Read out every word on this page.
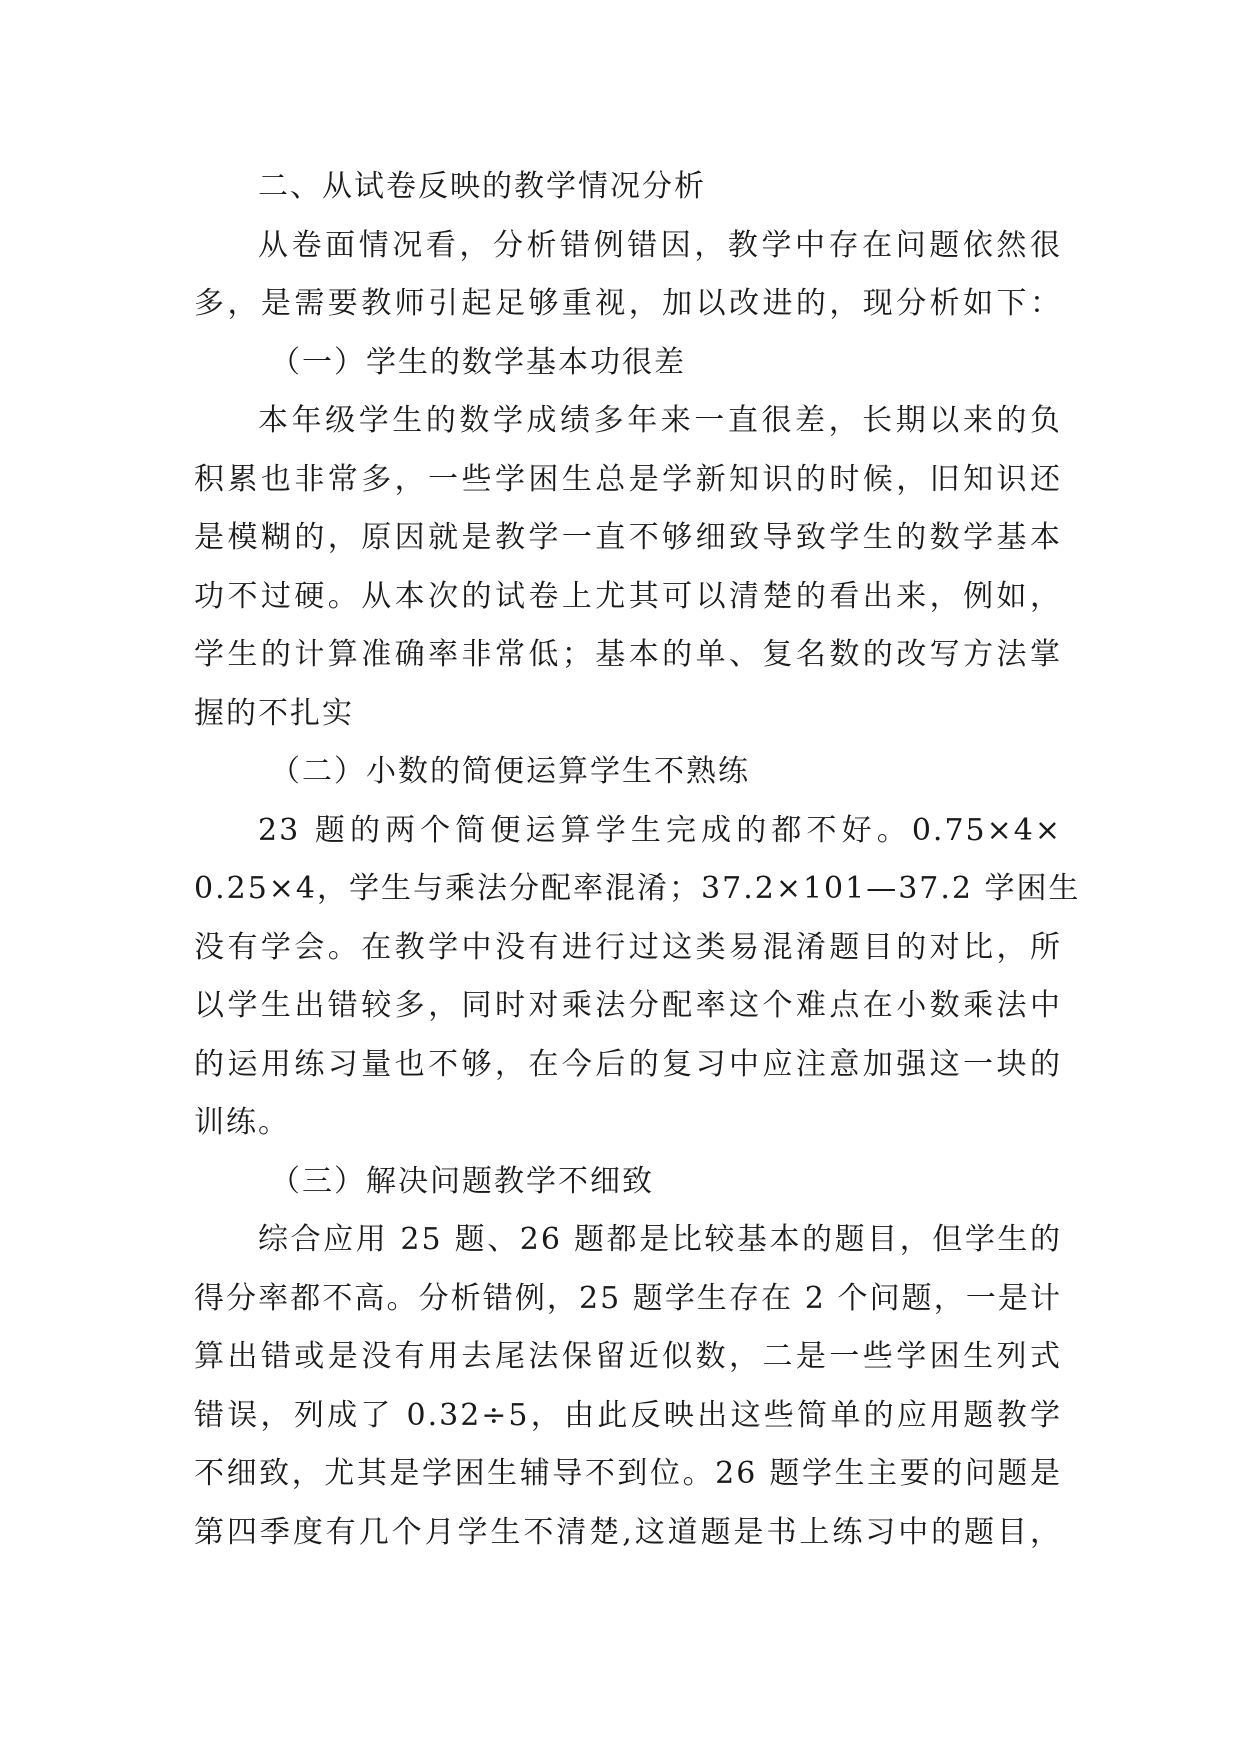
二、从试卷反映的教学情况分析
从卷面情况看，分析错例错因，教学中存在问题依然很
多，是需要教师引起足够重视，加以改进的，现分析如下：
（一）学生的数学基本功很差
本年级学生的数学成绩多年来一直很差，长期以来的负
积累也非常多，一些学困生总是学新知识的时候，旧知识还
是模糊的，原因就是教学一直不够细致导致学生的数学基本
功不过硬。从本次的试卷上尤其可以清楚的看出来，例如，
学生的计算准确率非常低；基本的单、复名数的改写方法掌
握的不扎实
（二）小数的简便运算学生不熟练
23 题的两个简便运算学生完成的都不好。0.75×4×
0.25×4，学生与乘法分配率混淆；37.2×101—37.2 学困生
没有学会。在教学中没有进行过这类易混淆题目的对比，所
以学生出错较多，同时对乘法分配率这个难点在小数乘法中
的运用练习量也不够，在今后的复习中应注意加强这一块的
训练。
（三）解决问题教学不细致
综合应用 25 题、26 题都是比较基本的题目，但学生的
得分率都不高。分析错例，25 题学生存在 2 个问题，一是计
算出错或是没有用去尾法保留近似数，二是一些学困生列式
错误，列成了 0.32÷5，由此反映出这些简单的应用题教学
不细致，尤其是学困生辅导不到位。26 题学生主要的问题是
第四季度有几个月学生不清楚,这道题是书上练习中的题目，
